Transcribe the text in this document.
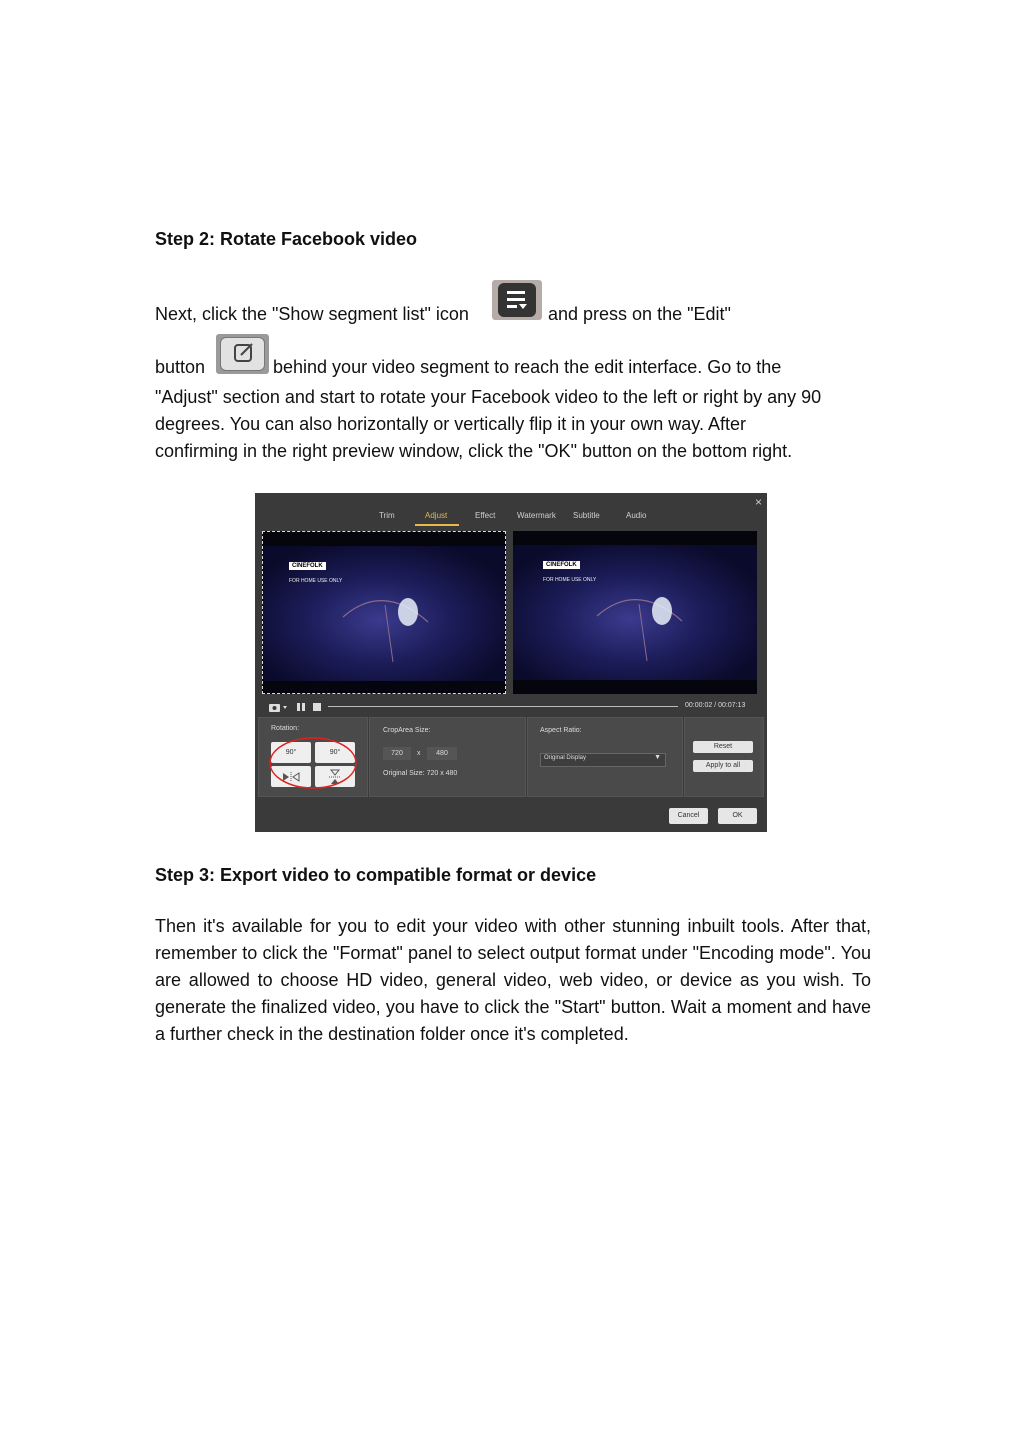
Step 2: Rotate Facebook video
Next, click the "Show segment list" icon	and press on the "Edit"
button	behind your video segment to reach the edit interface. Go to the
"Adjust" section and start to rotate your Facebook video to the left or right by any 90
degrees. You can also horizontally or vertically flip it in your own way. After
confirming in the right preview window, click the "OK" button on the bottom right.
×
Trim	Adjust	Effect	Watermark Subtitle	Audio
CINEFOLK
FOR HOME USE ONLY
CINEFOLK
FOR HOME USE ONLY
00:00:02 / 00:07:13
Rotation:
90°	90°
CropArea Size:
720	x	480
Original Size: 720 x 480
Aspect Ratio:
Original Display	▼
Reset
Apply to all
Cancel	OK
Step 3: Export video to compatible format or device
Then it's available for you to edit your video with other stunning inbuilt tools. After that, remember to click the "Format" panel to select output format under "Encoding mode". You are allowed to choose HD video, general video, web video, or device as you wish. To generate the finalized video, you have to click the "Start" button. Wait a moment and have a further check in the destination folder once it's completed.
